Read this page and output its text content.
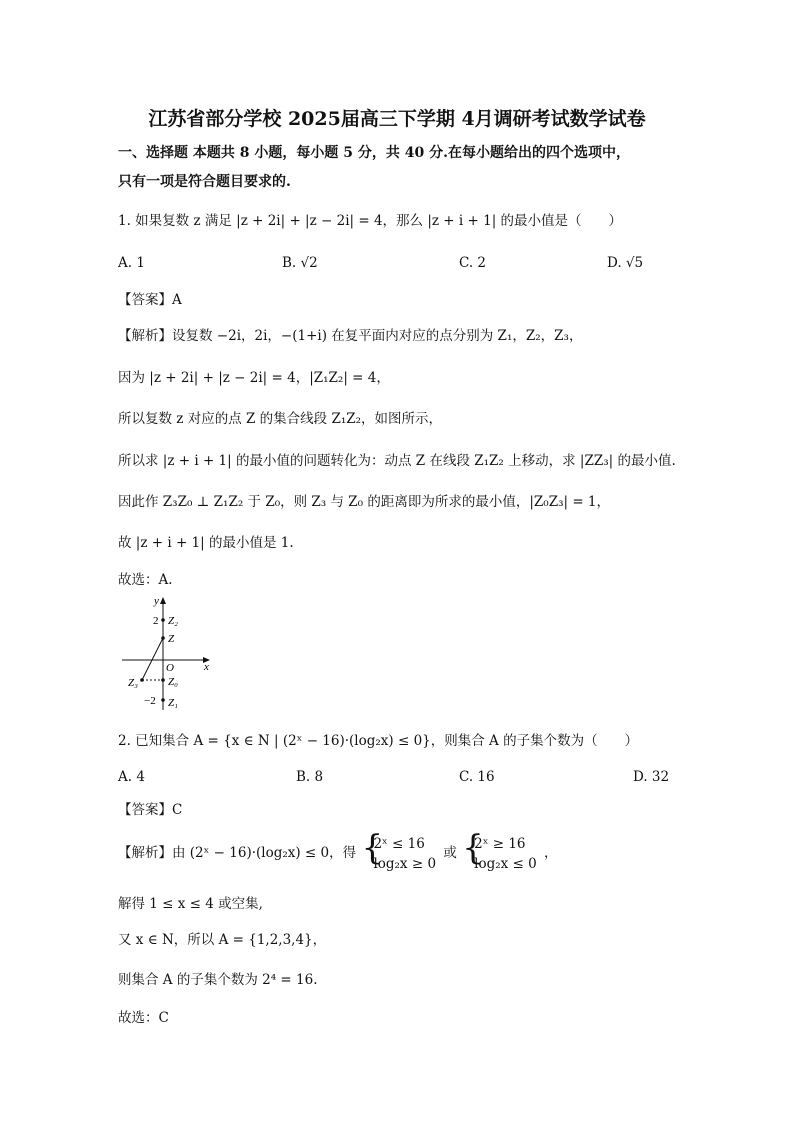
江苏省部分学校 2025届高三下学期 4月调研考试数学试卷
一、选择题 本题共 8 小题，每小题 5 分，共 40 分.在每小题给出的四个选项中，
只有一项是符合题目要求的.
1. 如果复数 z 满足 |z + 2i| + |z − 2i| = 4，那么 |z + i + 1| 的最小值是（　　）
A. 1	B. √2	C. 2	D. √5
【答案】A
【解析】设复数 −2i，2i，−(1+i) 在复平面内对应的点分别为 Z₁，Z₂，Z₃，
因为 |z + 2i| + |z − 2i| = 4，|Z₁Z₂| = 4，
所以复数 z 对应的点 Z 的集合线段 Z₁Z₂，如图所示，
所以求 |z + i + 1| 的最小值的问题转化为：动点 Z 在线段 Z₁Z₂ 上移动，求 |ZZ₃| 的最小值.
因此作 Z₃Z₀ ⊥ Z₁Z₂ 于 Z₀，则 Z₃ 与 Z₀ 的距离即为所求的最小值，|Z₀Z₃| = 1，
故 |z + i + 1| 的最小值是 1.
故选：A.
y
x
2 Z₂
Z
O
Z₀
Z₃
−2 Z₁
2. 已知集合 A = {x ∈ N | (2ˣ − 16)·(log₂x) ≤ 0}，则集合 A 的子集个数为（　　）
A. 4	B. 8	C. 16	D. 32
【答案】C
【解析】由 (2ˣ − 16)·(log₂x) ≤ 0，得
{ 2ˣ ≤ 16
log₂x ≥ 0
或
{ 2ˣ ≥ 16
log₂x ≤ 0
，
解得 1 ≤ x ≤ 4 或空集,
又 x ∈ N，所以 A = {1,2,3,4}，
则集合 A 的子集个数为 2⁴ = 16.
故选：C
